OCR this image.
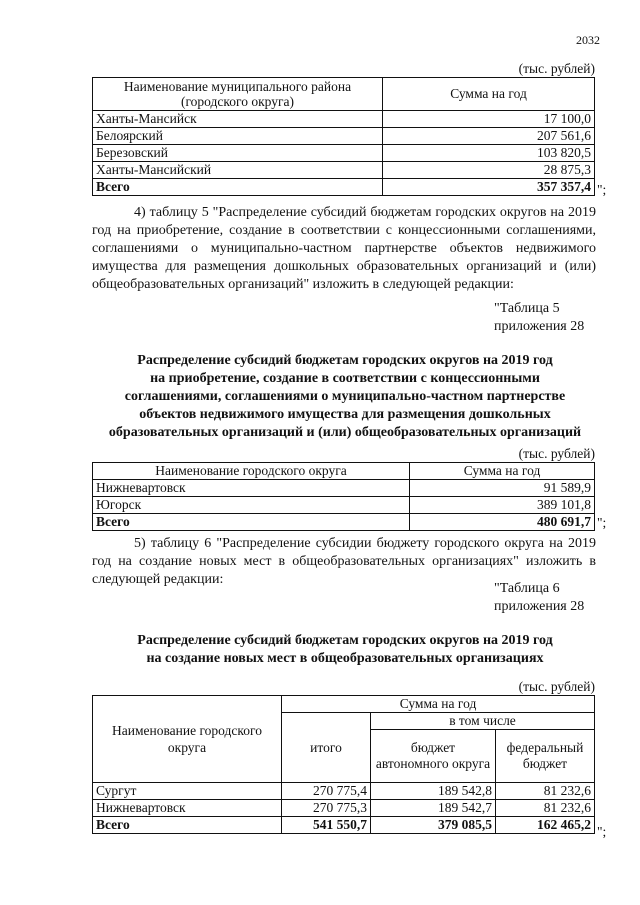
2032
(тыс. рублей)
Наименование муниципального района (городского округа)	Сумма на год
Ханты-Мансийск	17 100,0
Белоярский	207 561,6
Березовский	103 820,5
Ханты-Мансийский	28 875,3
Всего	357 357,4 ";
4) таблицу 5 "Распределение субсидий бюджетам городских округов на 2019 год на приобретение, создание в соответствии с концессионными соглашениями, соглашениями о муниципально-частном партнерстве объектов недвижимого имущества для размещения дошкольных образовательных организаций и (или) общеобразовательных организаций" изложить в следующей редакции:
"Таблица 5
приложения 28
Распределение субсидий бюджетам городских округов на 2019 год
на приобретение, создание в соответствии с концессионными
соглашениями, соглашениями о муниципально-частном партнерстве
объектов недвижимого имущества для размещения дошкольных
образовательных организаций и (или) общеобразовательных организаций
(тыс. рублей)
Наименование городского округа	Сумма на год
Нижневартовск	91 589,9
Югорск	389 101,8
Всего	480 691,7 ";
5) таблицу 6 "Распределение субсидии бюджету городского округа на 2019 год на создание новых мест в общеобразовательных организациях" изложить в следующей редакции:
"Таблица 6
приложения 28
Распределение субсидий бюджетам городских округов на 2019 год
на создание новых мест в общеобразовательных организациях
(тыс. рублей)
Наименование городского округа	Сумма на год		
	итого	в том числе	
		бюджет автономного округа	федеральный бюджет
Сургут	270 775,4	189 542,8	81 232,6
Нижневартовск	270 775,3	189 542,7	81 232,6
Всего	541 550,7	379 085,5	162 465,2 ";
